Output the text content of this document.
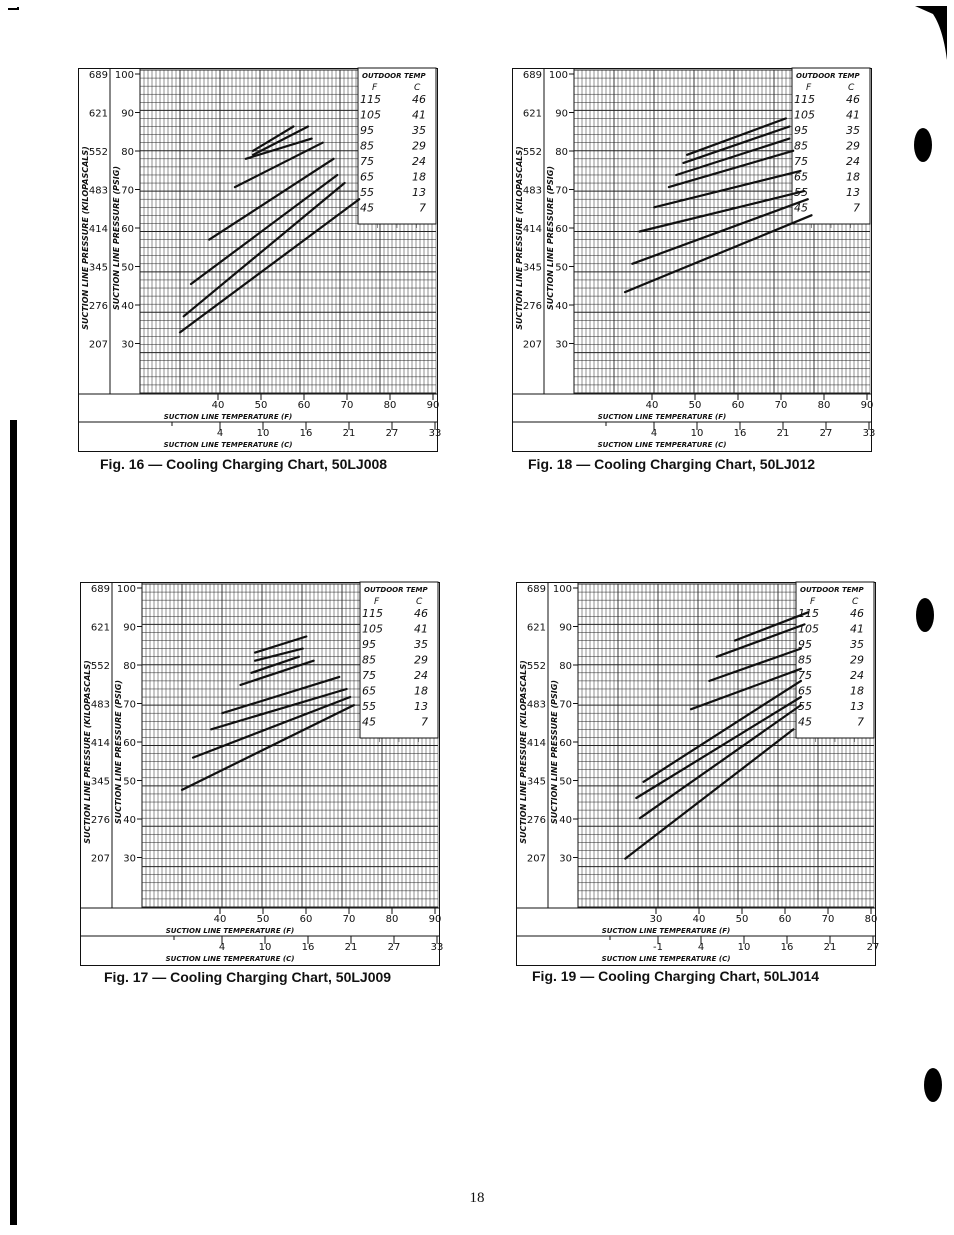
OUTDOOR TEMP
F	C
115	46
105	41
95	35
85	29
75	24
65	18
55	13
45	7
100
90
80
70
60
50
40
30
689
621
552
483
414
345
276
207
SUCTION LINE PRESSURE (KILOPASCALS)	SUCTION LINE PRESSURE (PSIG)
40	50	60	70	80	90
SUCTION LINE TEMPERATURE (F)
4	10	16	21	27	33
SUCTION LINE TEMPERATURE (C)
Fig. 16 — Cooling Charging Chart, 50LJ008
OUTDOOR TEMP
F	C
115	46
105	41
95	35
85	29
75	24
65	18
55	13
45	7
100
90
80
70
60
50
40
30
689
621
552
483
414
345
276
207
SUCTION LINE PRESSURE (KILOPASCALS)	SUCTION LINE PRESSURE (PSIG)
40	50	60	70	80	90
SUCTION LINE TEMPERATURE (F)
4	10	16	21	27	33
SUCTION LINE TEMPERATURE (C)
Fig. 18 — Cooling Charging Chart, 50LJ012
OUTDOOR TEMP
F	C
115	46
105	41
95	35
85	29
75	24
65	18
55	13
45	7
100
90
80
70
60
50
40
30
689
621
552
483
414
345
276
207
SUCTION LINE PRESSURE (KILOPASCALS)	SUCTION LINE PRESSURE (PSIG)
40	50	60	70	80	90
SUCTION LINE TEMPERATURE (F)
4	10	16	21	27	33
SUCTION LINE TEMPERATURE (C)
Fig. 17 — Cooling Charging Chart, 50LJ009
OUTDOOR TEMP
F	C
115	46
105	41
95	35
85	29
75	24
65	18
55	13
45	7
100
90
80
70
60
50
40
30
689
621
552
483
414
345
276
207
SUCTION LINE PRESSURE (KILOPASCALS)	SUCTION LINE PRESSURE (PSIG)
30	40	50	60	70	80
SUCTION LINE TEMPERATURE (F)
-1	4	10	16	21	27
SUCTION LINE TEMPERATURE (C)
Fig. 19 — Cooling Charging Chart, 50LJ014
18
